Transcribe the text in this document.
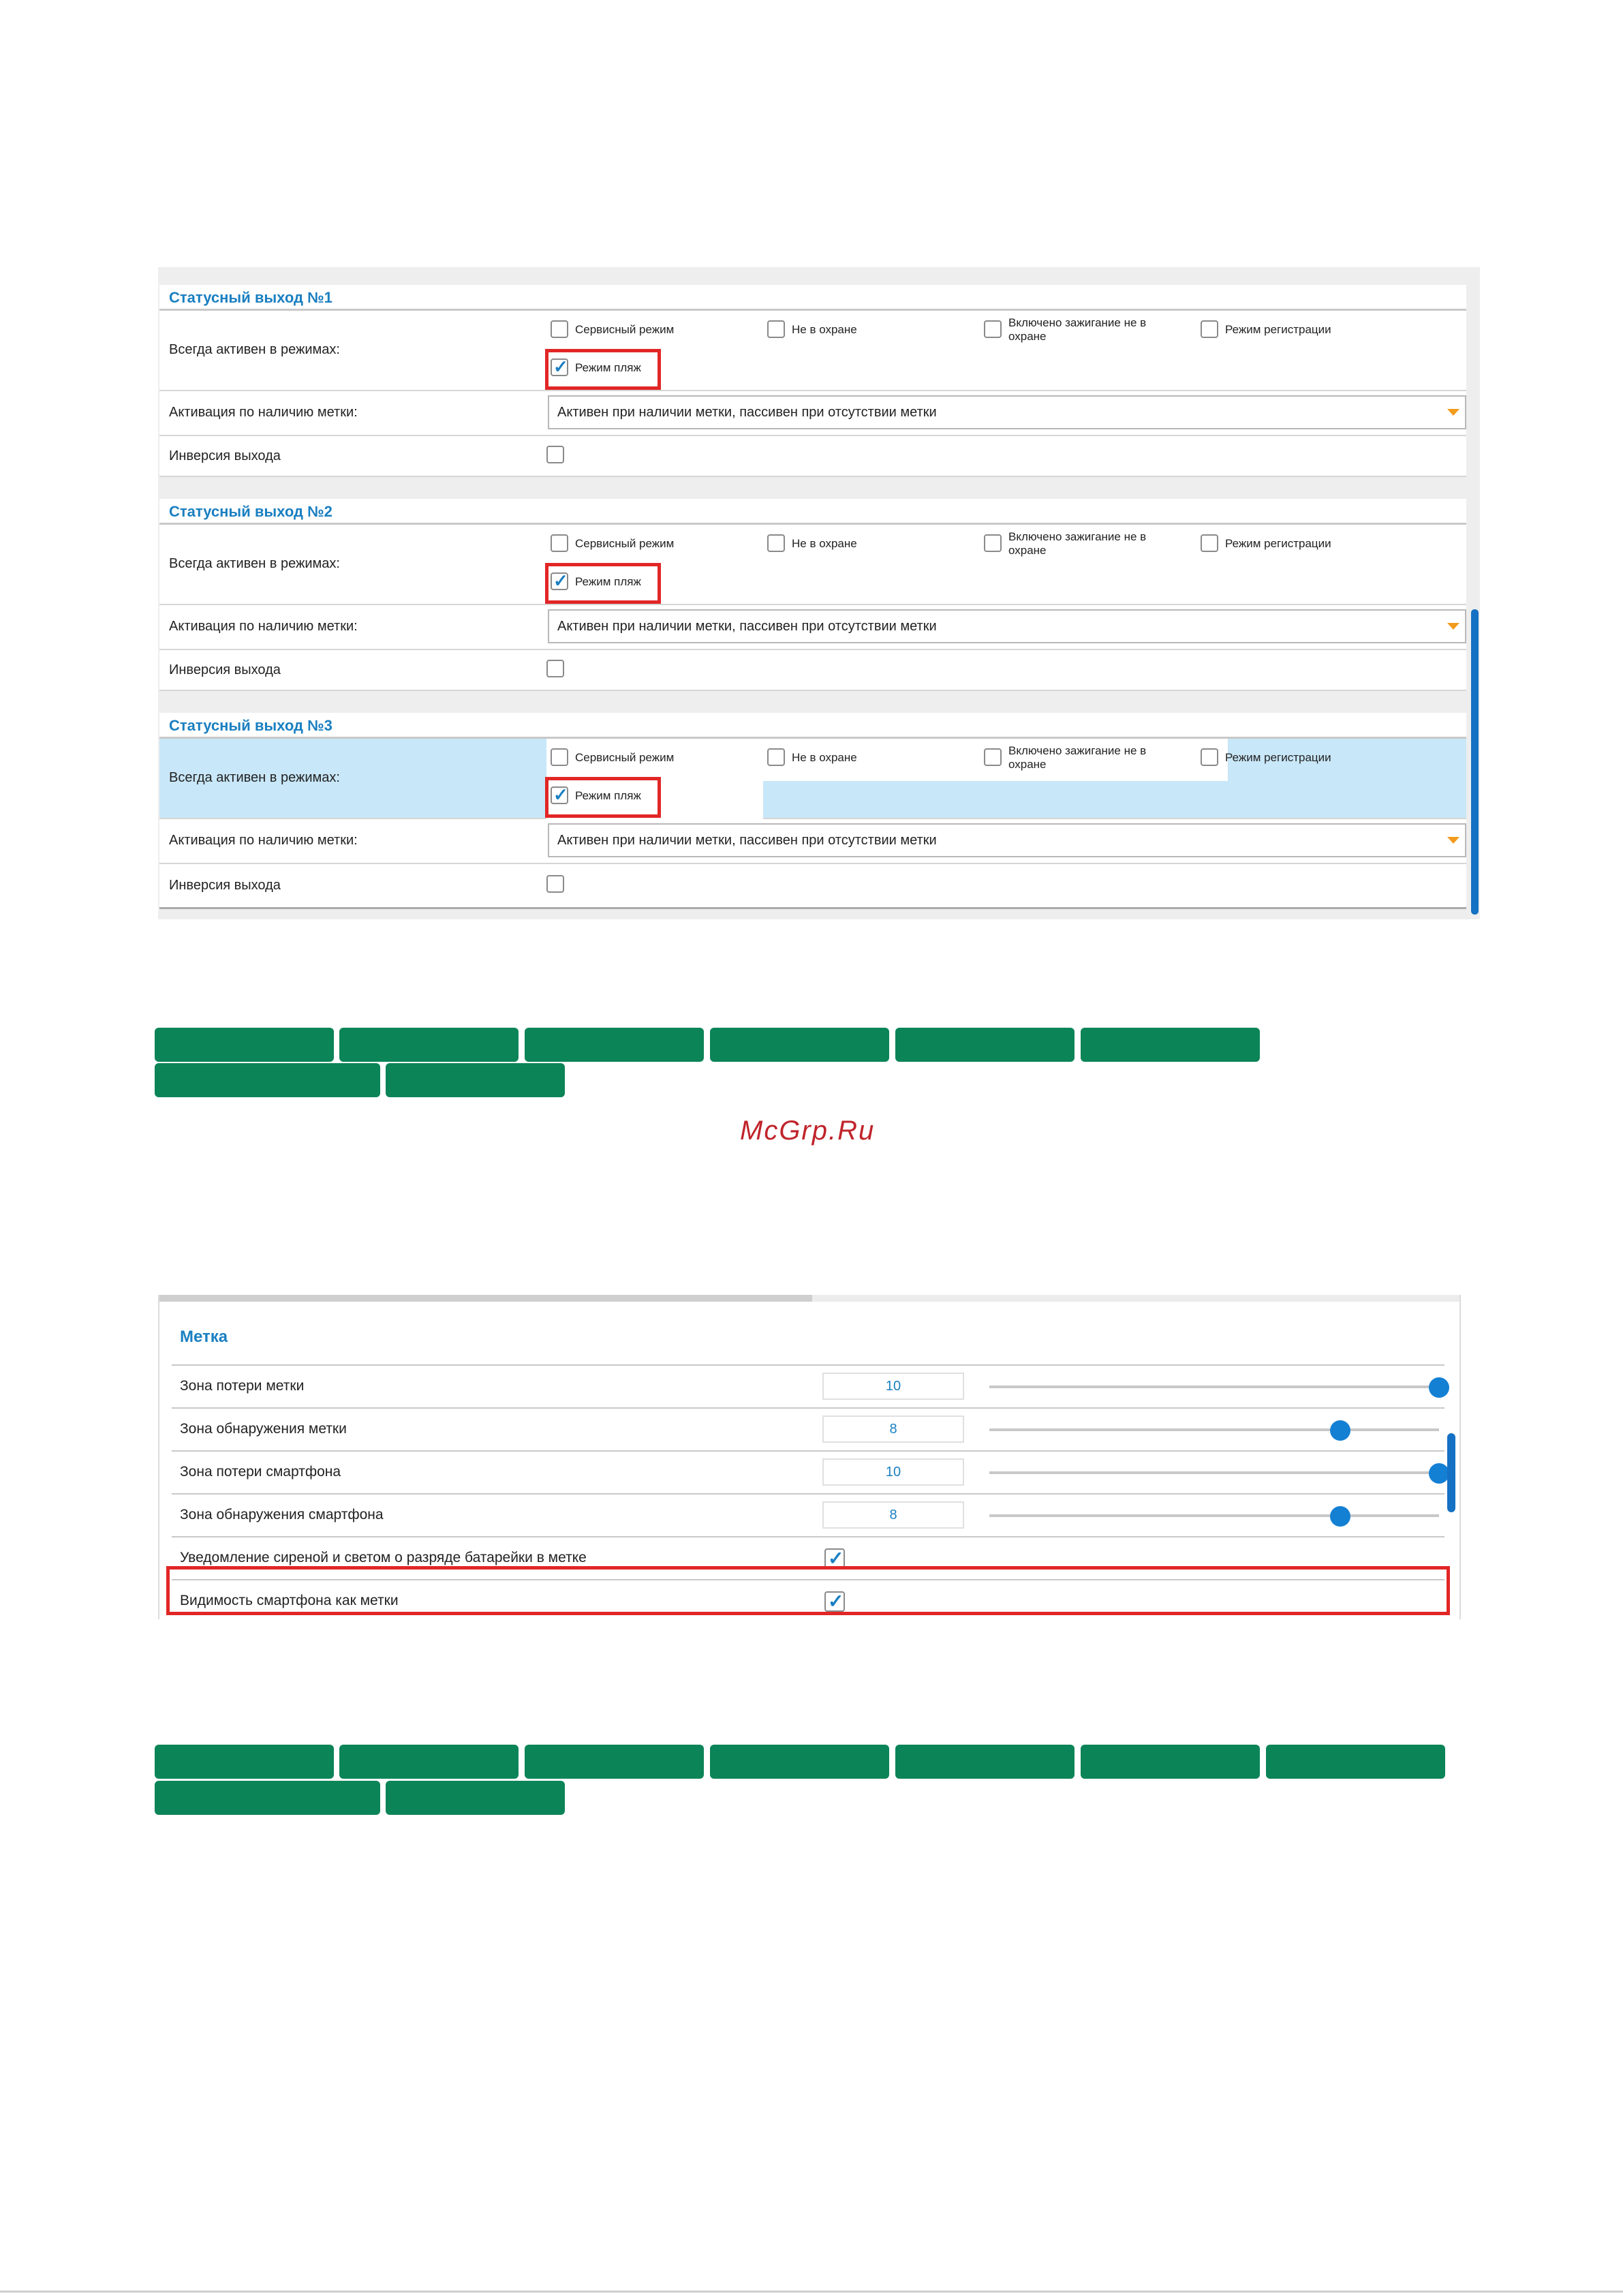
Статусный выход №1
Всегда активен в режимах:
Сервисный режим	Не в охране
Включено зажигание не в
охране
Режим регистрации
✓ Режим пляж
Активация по наличию метки:	Активен при наличии метки, пассивен при отсутствии метки
Инверсия выхода
Статусный выход №2
Всегда активен в режимах:
Сервисный режим	Не в охране
Включено зажигание не в
охране
Режим регистрации
✓ Режим пляж
Активация по наличию метки:	Активен при наличии метки, пассивен при отсутствии метки
Инверсия выхода
Статусный выход №3
Всегда активен в режимах:
Сервисный режим	Не в охране
Включено зажигание не в
охране
Режим регистрации
✓ Режим пляж
Активация по наличию метки:	Активен при наличии метки, пассивен при отсутствии метки
Инверсия выхода
McGrp.Ru
Метка
Зона потери метки	10
Зона обнаружения метки	8
Зона потери смартфона	10
Зона обнаружения смартфона	8
Уведомление сиреной и светом о разряде батарейки в метке	✓
Видимость смартфона как метки	✓
